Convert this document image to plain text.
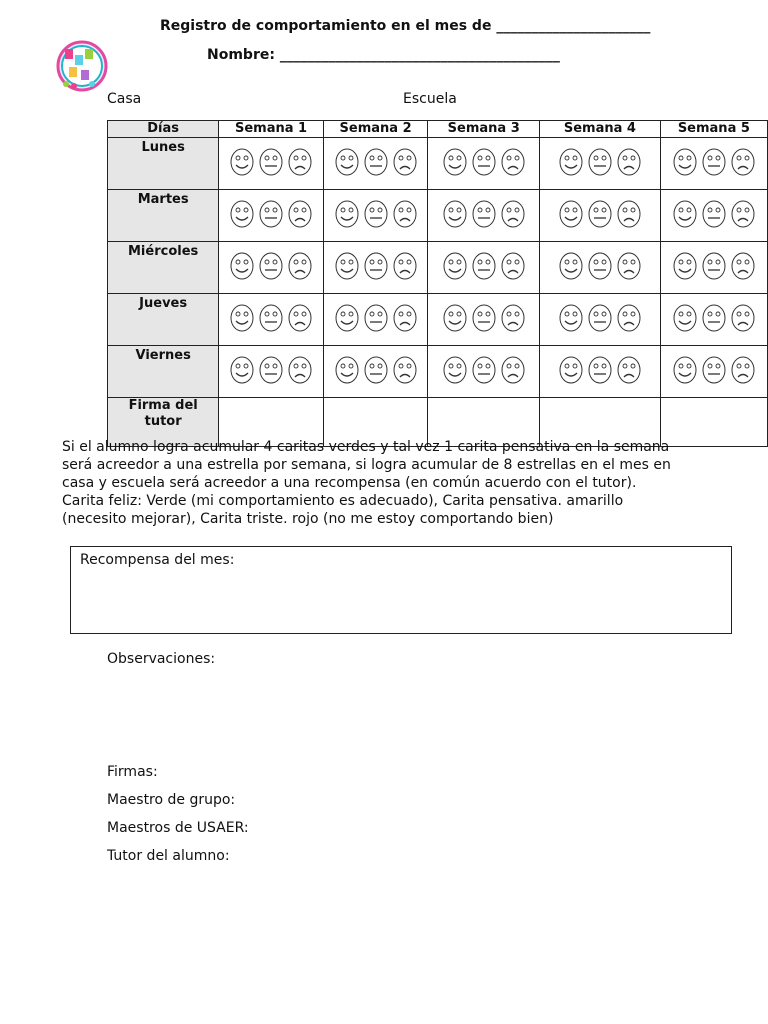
Registro de comportamiento en el mes de ______________________
Nombre: ________________________________________
Casa	Escuela
Días	Semana 1	Semana 2	Semana 3	Semana 4	Semana 5
Lunes	

Martes	

Miércoles	

Jueves	

Viernes	

Firma del tutor					
Si el alumno logra acumular 4 caritas verdes y tal vez 1 carita pensativa en la semana será acreedor a una estrella por semana, si logra acumular de 8 estrellas en el mes en casa y escuela será acreedor a una recompensa (en común acuerdo con el tutor). Carita feliz: Verde (mi comportamiento es adecuado), Carita pensativa. amarillo (necesito mejorar), Carita triste. rojo (no me estoy comportando bien)
Recompensa del mes:
Observaciones:
Firmas:
Maestro de grupo:
Maestros de USAER:
Tutor del alumno:
